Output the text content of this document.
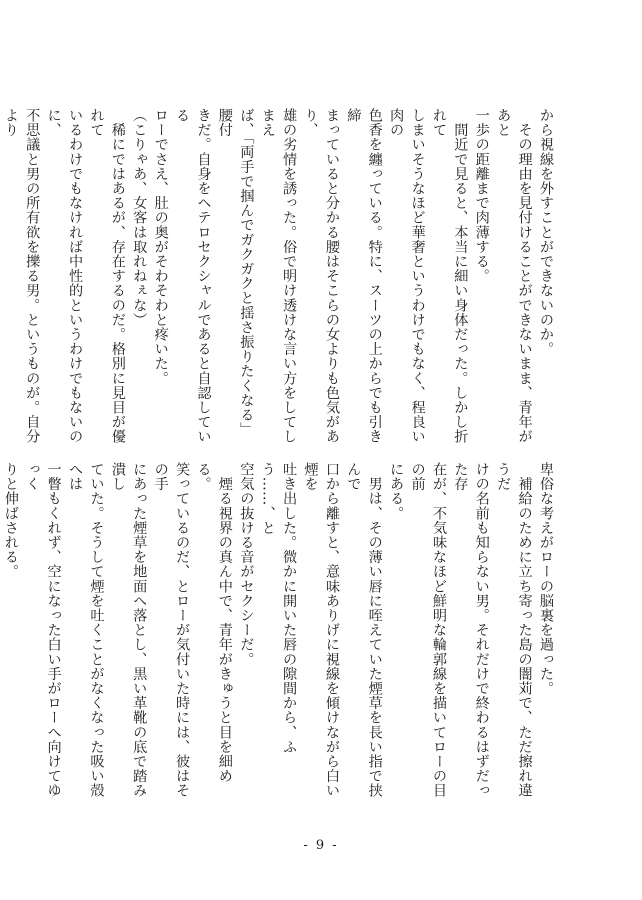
から視線を外すことができないのか。
　その理由を見付けることができないまま、青年があと
一歩の距離まで肉薄する。
　間近で見ると、本当に細い身体だった。しかし折れて
しまいそうなほど華奢というわけでもなく、程良い肉の
色香を纏っている。特に、スーツの上からでも引き締
まっていると分かる腰はそこらの女よりも色気があり、
雄の劣情を誘った。俗で明け透けな言い方をしてしまえ
ば、「両手で掴んでガクガクと揺さ振りたくなる」腰付
きだ。自身をヘテロセクシャルであると自認している
ローでさえ、肚の奥がそわそわと疼いた。
（こりゃあ、女客は取れねぇな）
　稀にではあるが、存在するのだ。格別に見目が優れて
いるわけでもなければ中性的というわけでもないのに、
不思議と男の所有欲を擽る男。というものが。自分より
卑俗な考えがローの脳裏を過った。
　補給のために立ち寄った島の闇苅で、ただ擦れ違うだ
けの名前も知らない男。それだけで終わるはずだった存
在が、不気味なほど鮮明な輪郭線を描いてローの目の前
にある。
　男は、その薄い唇に咥えていた煙草を長い指で挟んで
口から離すと、意味ありげに視線を傾けながら白い煙を
吐き出した。微かに開いた唇の隙間から、ふう……、と
空気の抜ける音がセクシーだ。
　煙る視界の真ん中で、青年がきゅうと目を細める。
笑っているのだ、とローが気付いた時には、彼はその手
にあった煙草を地面へ落とし、黒い革靴の底で踏み潰し
ていた。そうして煙を吐くことがなくなった吸い殻へは
一瞥もくれず、空になった白い手がローへ向けてゆっく
りと伸ばされる。
- 9 -
